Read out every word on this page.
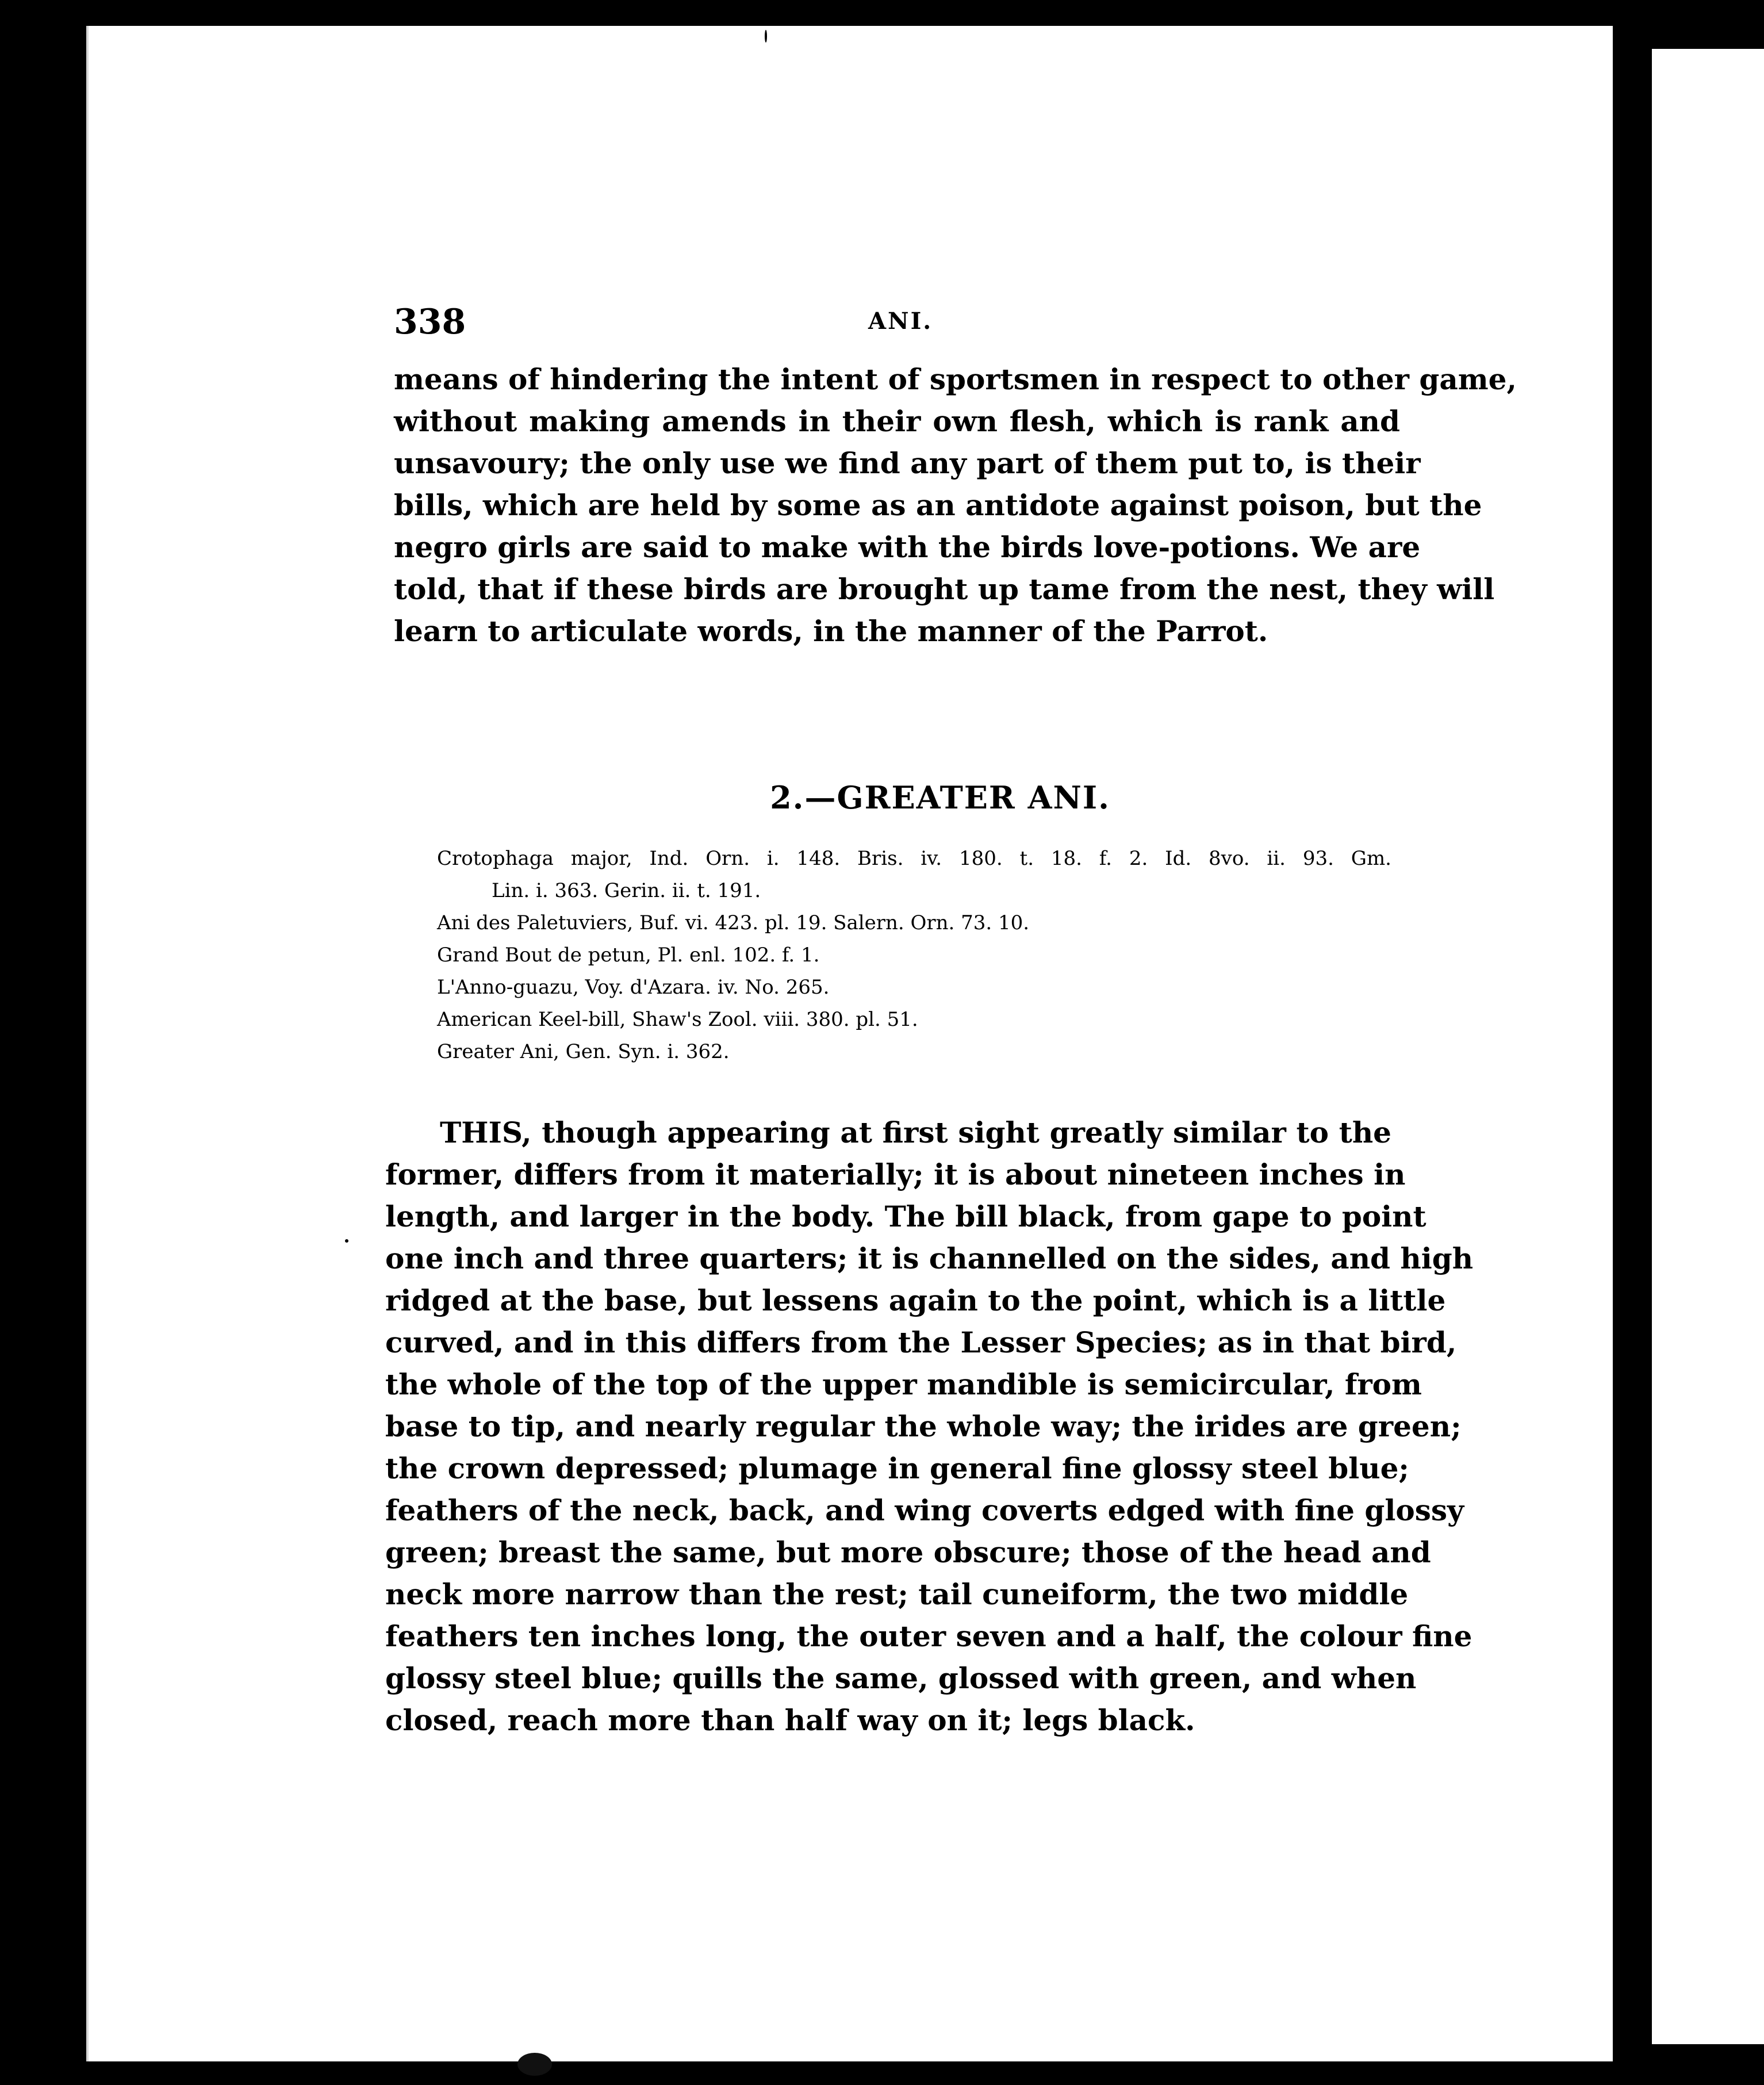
338	ANI.
means of hindering the intent of sportsmen in respect to other game,
without making amends in their own flesh, which is rank and
unsavoury; the only use we find any part of them put to, is their
bills, which are held by some as an antidote against poison, but the
negro girls are said to make with the birds love-potions. We are
told, that if these birds are brought up tame from the nest, they will
learn to articulate words, in the manner of the Parrot.
2.—GREATER ANI.
Crotophaga major, Ind. Orn. i. 148. Bris. iv. 180. t. 18. f. 2. Id. 8vo. ii. 93. Gm.
Lin. i. 363. Gerin. ii. t. 191.
Ani des Paletuviers, Buf. vi. 423. pl. 19. Salern. Orn. 73. 10.
Grand Bout de petun, Pl. enl. 102. f. 1.
L'Anno-guazu, Voy. d'Azara. iv. No. 265.
American Keel-bill, Shaw's Zool. viii. 380. pl. 51.
Greater Ani, Gen. Syn. i. 362.
THIS, though appearing at first sight greatly similar to the
former, differs from it materially; it is about nineteen inches in
length, and larger in the body. The bill black, from gape to point
one inch and three quarters; it is channelled on the sides, and high
ridged at the base, but lessens again to the point, which is a little
curved, and in this differs from the Lesser Species; as in that bird,
the whole of the top of the upper mandible is semicircular, from
base to tip, and nearly regular the whole way; the irides are green;
the crown depressed; plumage in general fine glossy steel blue;
feathers of the neck, back, and wing coverts edged with fine glossy
green; breast the same, but more obscure; those of the head and
neck more narrow than the rest; tail cuneiform, the two middle
feathers ten inches long, the outer seven and a half, the colour fine
glossy steel blue; quills the same, glossed with green, and when
closed, reach more than half way on it; legs black.
